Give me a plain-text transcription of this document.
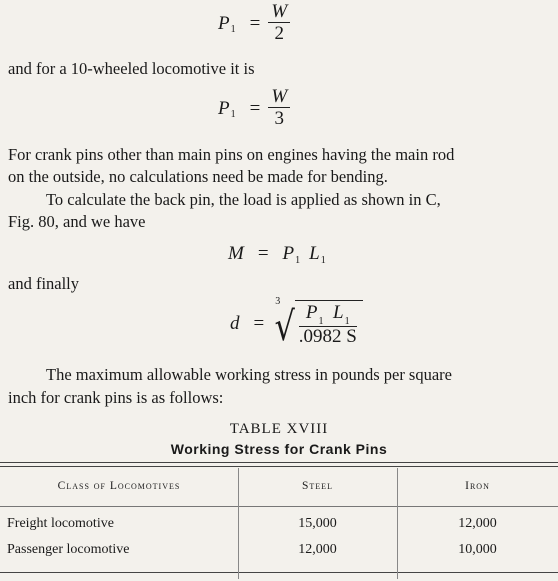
P $1 = \frac{W}{2}$
and for a 10-wheeled locomotive it is
P $1 = \frac{W}{3}$
For crank pins other than main pins on engines having the main rod
on the outside, no calculations need be made for bending.
To calculate the back pin, the load is applied as shown in C,
Fig. 80, and we have
M = P 1 L 1
and finally
d =
3
√ $\frac{P_1 L_1}{.0982 S}$
The maximum allowable working stress in pounds per square
inch for crank pins is as follows:
TABLE XVIII
Working Stress for Crank Pins
Class of Locomotives	Steel	Iron
Freight locomotive	15,000	12,000
Passenger locomotive	12,000	10,000
